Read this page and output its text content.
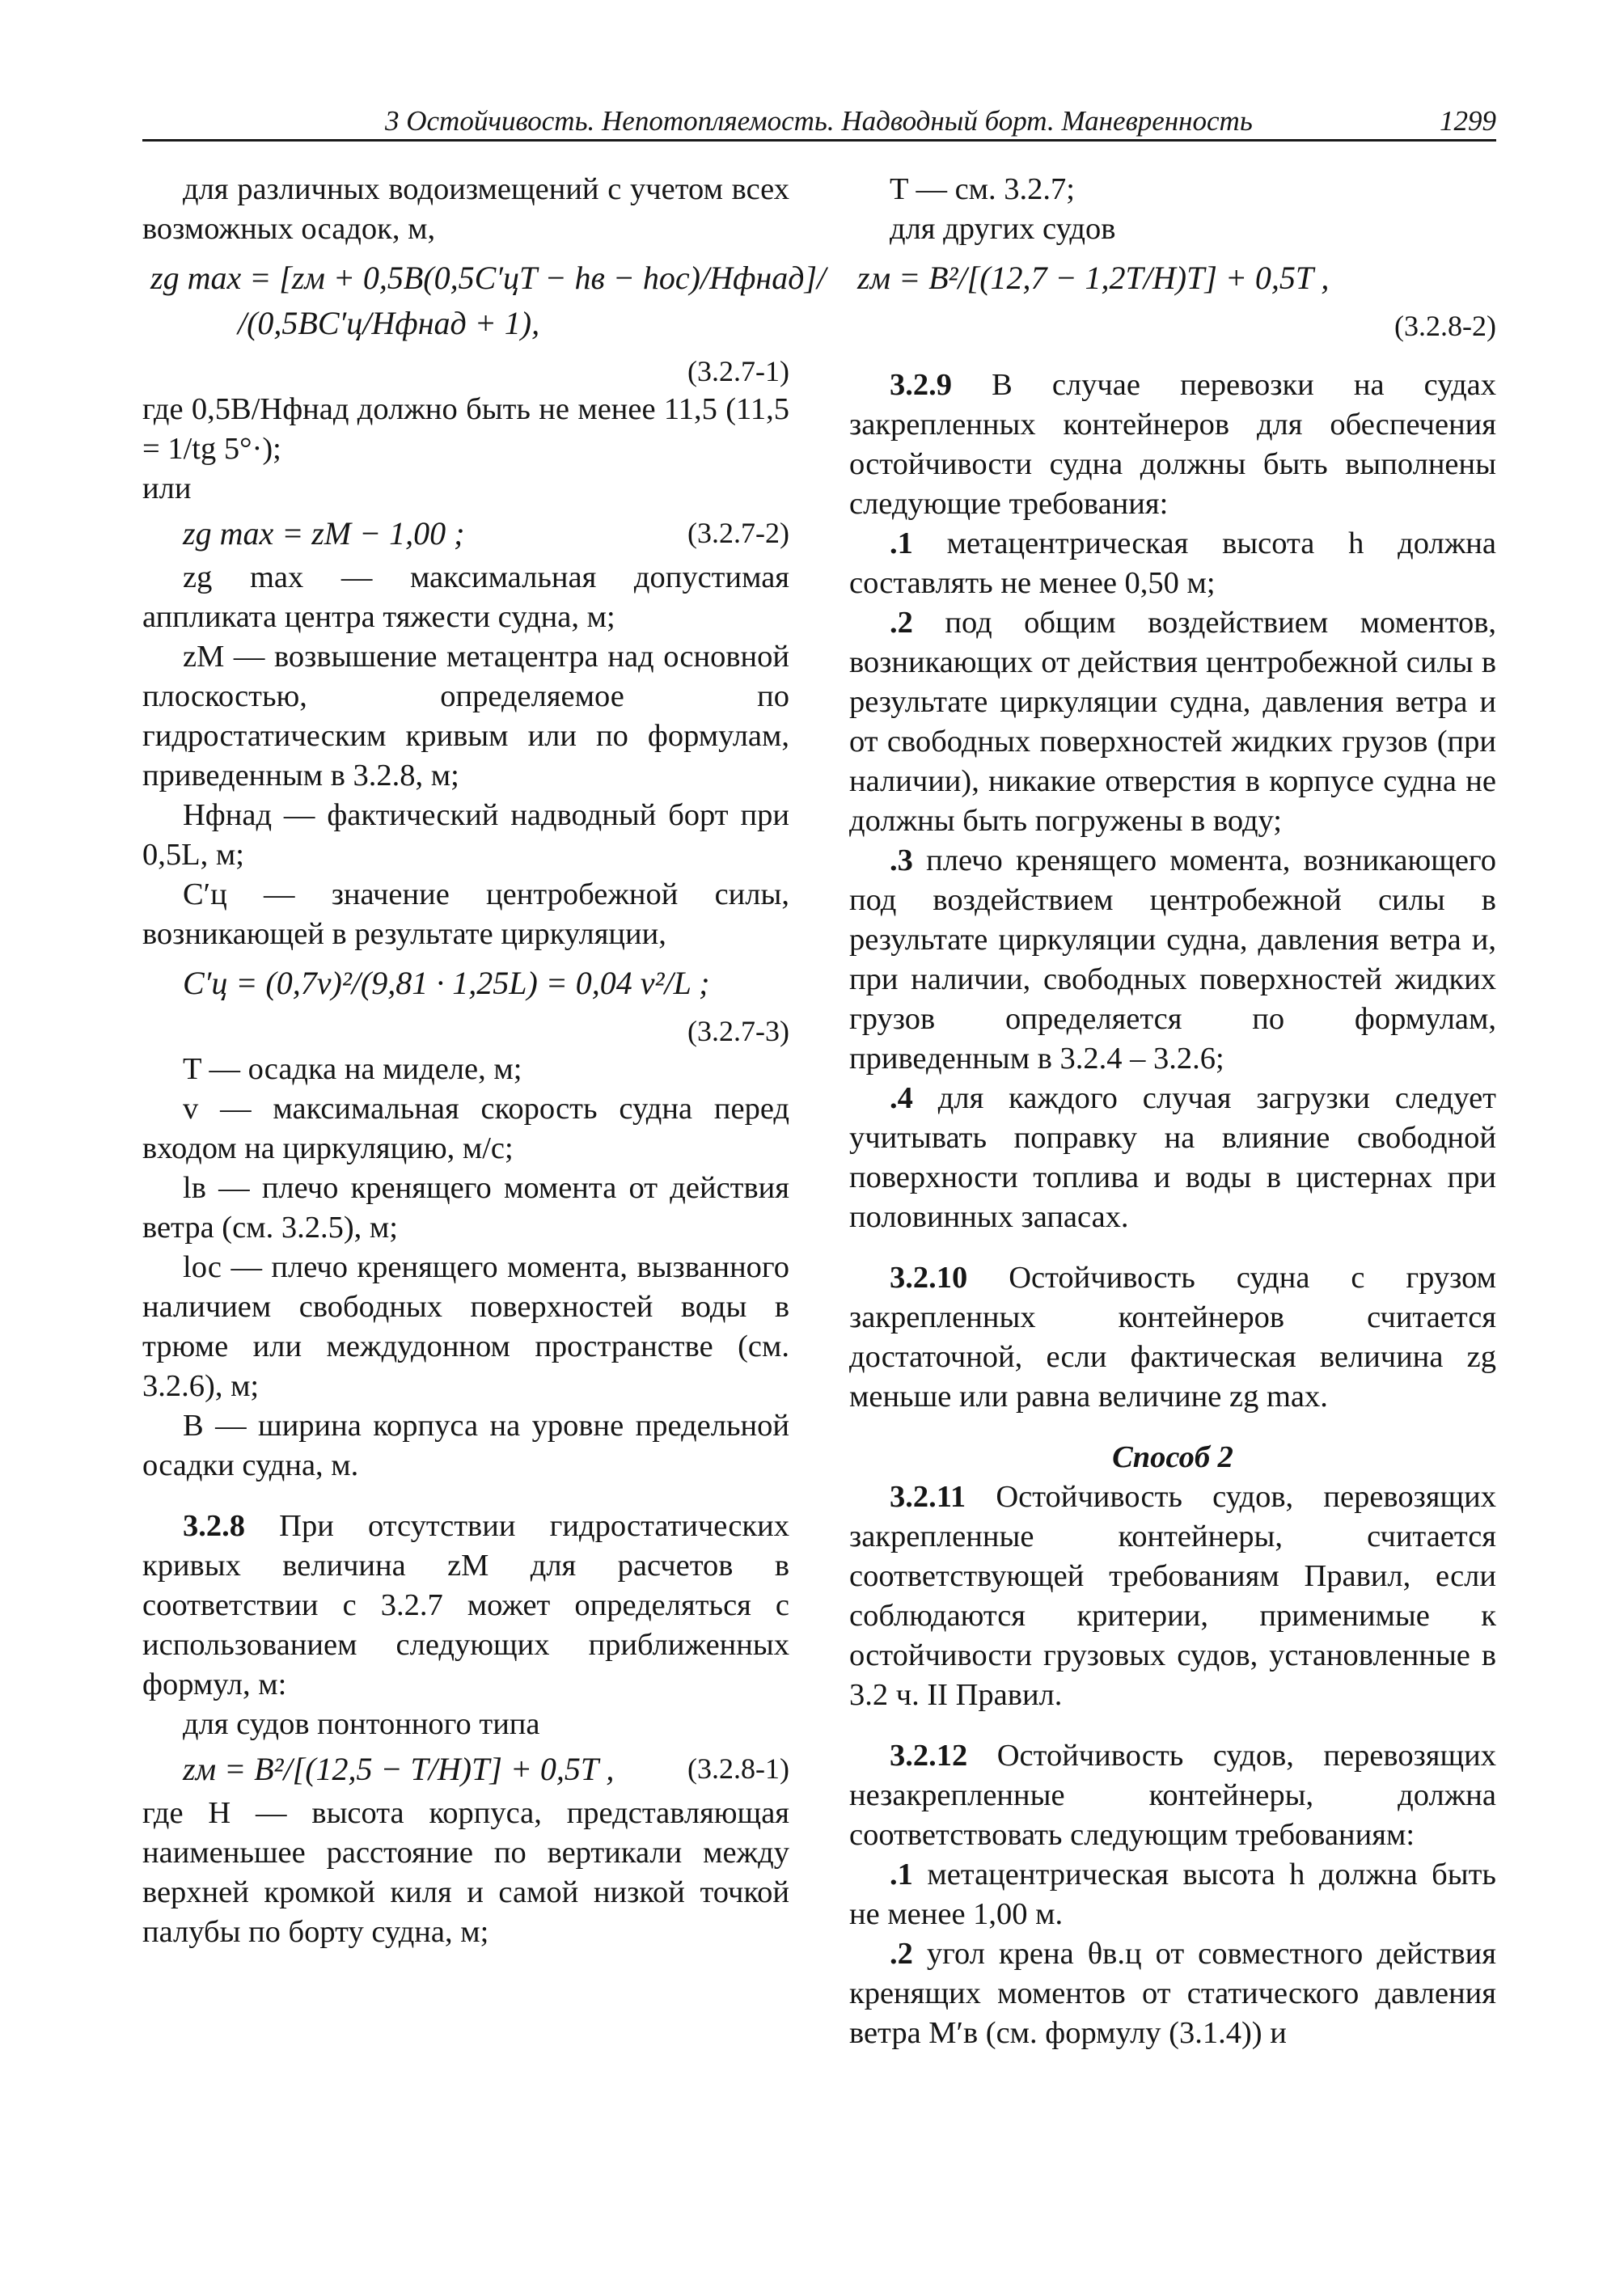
3 Остойчивость. Непотопляемость. Надводный борт. Маневренность	1299

для различных водоизмещений с учетом всех возможных осадок, м,

zg max = [zм + 0,5B(0,5C′цT − hв − hос)/Hфнад]/
/(0,5BC′ц/Hфнад + 1),
(3.2.7-1)

где 0,5B/Hфнад должно быть не менее 11,5 (11,5 = 1/tg 5°·);

или

zg max = zМ − 1,00 ;	(3.2.7-2)

zg max — максимальная допустимая аппликата центра тяжести судна, м;

zМ — возвышение метацентра над основной плоскостью, определяемое по гидростатическим кривым или по формулам, приведенным в 3.2.8, м;

Hфнад — фактический надводный борт при 0,5L, м;

C′ц — значение центробежной силы, возникающей в результате циркуляции,

C′ц = (0,7v)²/(9,81 · 1,25L) = 0,04 v²/L ;
(3.2.7-3)

T — осадка на миделе, м;

v — максимальная скорость судна перед входом на циркуляцию, м/с;

lв — плечо кренящего момента от действия ветра (см. 3.2.5), м;

lос — плечо кренящего момента, вызванного наличием свободных поверхностей воды в трюме или междудонном пространстве (см. 3.2.6), м;

B — ширина корпуса на уровне предельной осадки судна, м.

3.2.8 При отсутствии гидростатических кривых величина zМ для расчетов в соответствии с 3.2.7 может определяться с использованием следующих приближенных формул, м:

для судов понтонного типа

zм = B²/[(12,5 − T/H)T] + 0,5T ,	(3.2.8-1)

где H — высота корпуса, представляющая наименьшее расстояние по вертикали между верхней кромкой киля и самой низкой точкой палубы по борту судна, м;

T — см. 3.2.7;

для других судов

zм = B²/[(12,7 − 1,2T/H)T] + 0,5T ,
(3.2.8-2)

3.2.9 В случае перевозки на судах закрепленных контейнеров для обеспечения остойчивости судна должны быть выполнены следующие требования:

.1 метацентрическая высота h должна составлять не менее 0,50 м;

.2 под общим воздействием моментов, возникающих от действия центробежной силы в результате циркуляции судна, давления ветра и от свободных поверхностей жидких грузов (при наличии), никакие отверстия в корпусе судна не должны быть погружены в воду;

.3 плечо кренящего момента, возникающего под воздействием центробежной силы в результате циркуляции судна, давления ветра и, при наличии, свободных поверхностей жидких грузов определяется по формулам, приведенным в 3.2.4 – 3.2.6;

.4 для каждого случая загрузки следует учитывать поправку на влияние свободной поверхности топлива и воды в цистернах при половинных запасах.

3.2.10 Остойчивость судна с грузом закрепленных контейнеров считается достаточной, если фактическая величина zg меньше или равна величине zg max.

Способ 2

3.2.11 Остойчивость судов, перевозящих закрепленные контейнеры, считается соответствующей требованиям Правил, если соблюдаются критерии, применимые к остойчивости грузовых судов, установленные в 3.2 ч. II Правил.

3.2.12 Остойчивость судов, перевозящих незакрепленные контейнеры, должна соответствовать следующим требованиям:

.1 метацентрическая высота h должна быть не менее 1,00 м.

.2 угол крена θв.ц от совместного действия кренящих моментов от статического давления ветра M′в (см. формулу (3.1.4)) и
